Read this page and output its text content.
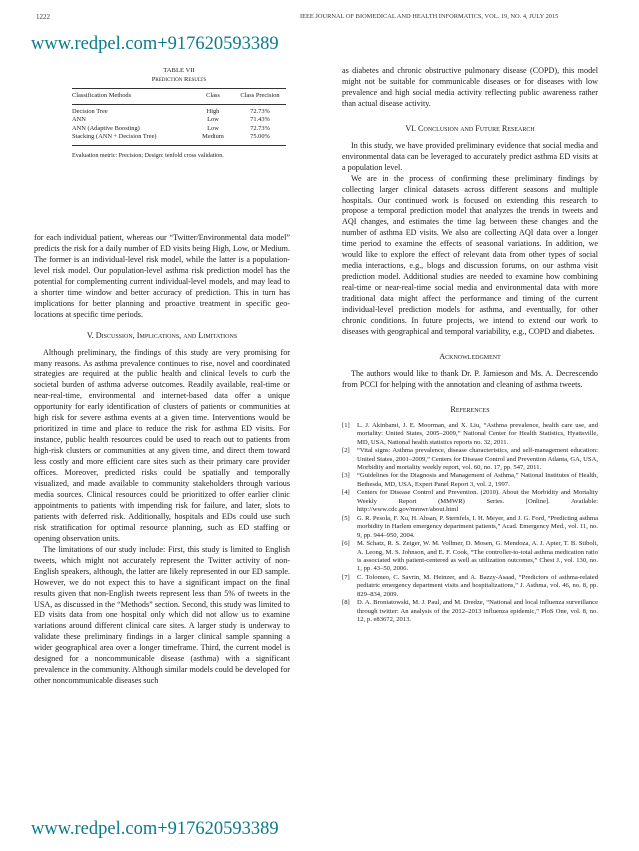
www.redpel.com+917620593389
www.redpel.com+917620593389
1222	IEEE JOURNAL OF BIOMEDICAL AND HEALTH INFORMATICS, VOL. 19, NO. 4, JULY 2015
TABLE VII
Prediction Results
Classification Methods	Class	Class Precision
Decision Tree	High	72.73%
ANN	Low	71.43%
ANN (Adaptive Boosting)	Low	72.73%
Stacking (ANN + Decision Tree)	Medium	75.00%
Evaluation metric: Precision; Design: tenfold cross validation.

for each individual patient, whereas our “Twitter/Environmental data model” predicts the risk for a daily number of ED visits being High, Low, or Medium. The former is an individual-level risk model, while the latter is a population-level risk model. Our population-level asthma risk prediction model has the potential for complementing current individual-level models, and may lead to a shorter time window and better accuracy of prediction. This in turn has implications for better planning and proactive treatment in specific geo-locations at specific time periods.

V. Discussion, Implications, and Limitations

Although preliminary, the findings of this study are very promising for many reasons. As asthma prevalence continues to rise, novel and coordinated strategies are required at the public health and clinical levels to curb the societal burden of asthma adverse outcomes. Readily available, real-time or near-real-time, environmental and internet-based data offer a unique opportunity for early identification of clusters of patients or communities at high risk for severe asthma events at a given time. Interventions would be prioritized in time and place to reduce the risk for asthma ED visits. For instance, public health resources could be used to reach out to patients from high-risk clusters or communities at any given time, and direct them toward less costly and more efficient care sites such as their primary care provider offices. Moreover, predicted risks could be spatially and temporally visualized, and made available to community stakeholders through various media sources. Clinical resources could be prioritized to offer earlier clinic appointments to patients with impending risk for failure, and later, slots to patients with deferred risk. Additionally, hospitals and EDs could use such risk stratification for optimal resource planning, such as ED staffing or opening observation units.

The limitations of our study include: First, this study is limited to English tweets, which might not accurately represent the Twitter activity of non-English speakers, although, the latter are likely represented in our ED sample. However, we do not expect this to have a significant impact on the final results given that non-English tweets represent less than 5% of tweets in the USA, as discussed in the “Methods” section. Second, this study was limited to ED visits data from one hospital only which did not allow us to examine variations around different clinical care sites. A larger study is underway to validate these preliminary findings in a larger clinical sample spanning a wider geographical area over a longer timeframe. Third, the current model is designed for a noncommunicable disease (asthma) with a significant prevalence in the community. Although similar models could be developed for other noncommunicable diseases such

as diabetes and chronic obstructive pulmonary disease (COPD), this model might not be suitable for communicable diseases or for diseases with low prevalence and high social media activity reflecting public awareness rather than actual disease activity.

VI. Conclusion and Future Research

In this study, we have provided preliminary evidence that social media and environmental data can be leveraged to accurately predict asthma ED visits at a population level.

We are in the process of confirming these preliminary findings by collecting larger clinical datasets across different seasons and multiple hospitals. Our continued work is focused on extending this research to propose a temporal prediction model that analyzes the trends in tweets and AQI changes, and estimates the time lag between these changes and the number of asthma ED visits. We also are collecting AQI data over a longer time period to examine the effects of seasonal variations. In addition, we would like to explore the effect of relevant data from other types of social media interactions, e.g., blogs and discussion forums, on our asthma visit prediction model. Additional studies are needed to examine how combining real-time or near-real-time social media and environmental data with more traditional data might affect the performance and timing of the current individual-level prediction models for asthma, and eventually, for other chronic conditions. In future projects, we intend to extend our work to diseases with geographical and temporal variability, e.g., COPD and diabetes.

Acknowledgment

The authors would like to thank Dr. P. Jamieson and Ms. A. Decrescendo from PCCI for helping with the annotation and cleaning of asthma tweets.

References
[1]	L. J. Akinbami, J. E. Moorman, and X. Liu, “Asthma prevalence, health care use, and mortality: United States, 2005–2009,” National Center for Health Statistics, Hyattsville, MD, USA, National health statistics reports no. 32, 2011.
[2]	“Vital signs: Asthma prevalence, disease characteristics, and self-management education: United States, 2001–2009,” Centers for Disease Control and Prevention Atlanta, GA, USA, Morbidity and mortality weekly report, vol. 60, no. 17, pp. 547, 2011.
[3]	“Guidelines for the Diagnosis and Management of Asthma,” National Institutes of Health, Bethesda, MD, USA, Expert Panel Report 3, vol. 2, 1997.
[4]	Centers for Disease Control and Prevention. (2010). About the Morbidity and Mortality Weekly Report (MMWR) Series. [Online]. Available: http://www.cdc.gov/mmwr/about.html
[5]	G. R. Pesola, F. Xu, H. Ahsan, P. Sternfels, I. H. Meyer, and J. G. Ford, “Predicting asthma morbidity in Harlem emergency department patients,” Acad. Emergency Med., vol. 11, no. 9, pp. 944–950, 2004.
[6]	M. Schatz, R. S. Zeiger, W. M. Vollmer, D. Mosen, G. Mendoza, A. J. Apter, T. B. Stibolt, A. Leong, M. S. Johnson, and E. F. Cook, “The controller-to-total asthma medication ratio is associated with patient-centered as well as utilization outcomes,” Chest J., vol. 130, no. 1, pp. 43–50, 2006.
[7]	C. Tolomeo, C. Savrin, M. Heinzer, and A. Bazzy-Asaad, “Predictors of asthma-related pediatric emergency department visits and hospitalizations,” J. Asthma, vol. 46, no. 8, pp. 829–834, 2009.
[8]	D. A. Broniatowski, M. J. Paul, and M. Dredze, “National and local influenza surveillance through twitter: An analysis of the 2012–2013 influenza epidemic,” PloS One, vol. 8, no. 12, p. e83672, 2013.
